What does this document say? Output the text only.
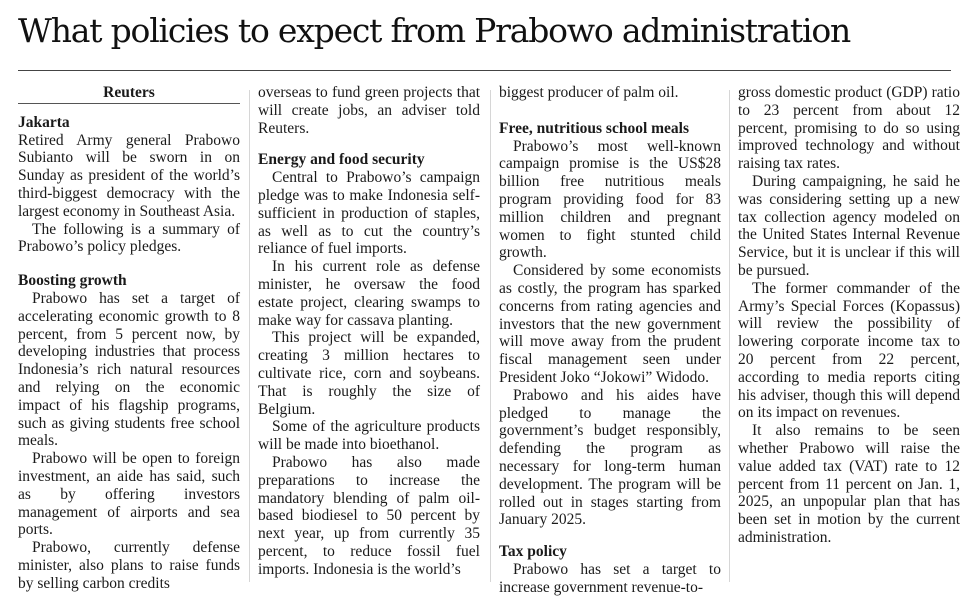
What policies to expect from Prabowo administration
Reuters
Jakarta

Retired Army general Prabowo Subianto will be sworn in on Sunday as president of the world’s third-biggest democracy with the largest economy in Southeast Asia.

The following is a summary of Prabowo’s policy pledges.

Boosting growth

Prabowo has set a target of accelerating economic growth to 8 percent, from 5 percent now, by developing industries that process Indonesia’s rich natural resources and relying on the economic impact of his flagship programs, such as giving students free school meals.

Prabowo will be open to foreign investment, an aide has said, such as by offering investors management of airports and sea ports.

Prabowo, currently defense minister, also plans to raise funds by selling carbon credits

overseas to fund green projects that will create jobs, an adviser told Reuters.

Energy and food security

Central to Prabowo’s campaign pledge was to make Indonesia self-sufficient in production of staples, as well as to cut the country’s reliance of fuel imports.

In his current role as defense minister, he oversaw the food estate project, clearing swamps to make way for cassava planting.

This project will be expanded, creating 3 million hectares to cultivate rice, corn and soybeans. That is roughly the size of Belgium.

Some of the agriculture products will be made into bioethanol.

Prabowo has also made preparations to increase the mandatory blending of palm oil-based biodiesel to 50 percent by next year, up from currently 35 percent, to reduce fossil fuel imports. Indonesia is the world’s

biggest producer of palm oil.

Free, nutritious school meals

Prabowo’s most well-known campaign promise is the US$28 billion free nutritious meals program providing food for 83 million children and pregnant women to fight stunted child growth.

Considered by some economists as costly, the program has sparked concerns from rating agencies and investors that the new government will move away from the prudent fiscal management seen under President Joko “Jokowi” Widodo.

Prabowo and his aides have pledged to manage the government’s budget responsibly, defending the program as necessary for long-term human development. The program will be rolled out in stages starting from January 2025.

Tax policy

Prabowo has set a target to increase government revenue-to-

gross domestic product (GDP) ratio to 23 percent from about 12 percent, promising to do so using improved technology and without raising tax rates.

During campaigning, he said he was considering setting up a new tax collection agency modeled on the United States Internal Revenue Service, but it is unclear if this will be pursued.

The former commander of the Army’s Special Forces (Kopassus) will review the possibility of lowering corporate income tax to 20 percent from 22 percent, according to media reports citing his adviser, though this will depend on its impact on revenues.

It also remains to be seen whether Prabowo will raise the value added tax (VAT) rate to 12 percent from 11 percent on Jan. 1, 2025, an unpopular plan that has been set in motion by the current administration.
